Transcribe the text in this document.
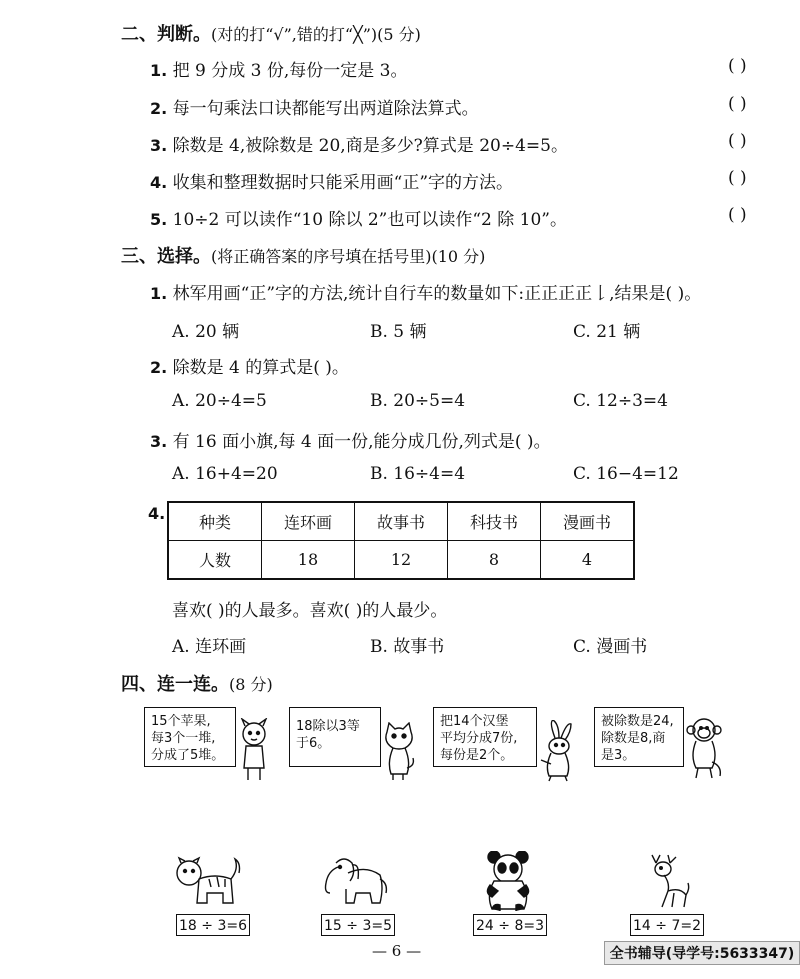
二、判断。(对的打“√”,错的打“╳”)(5 分)
1. 把 9 分成 3 份,每份一定是 3。	( )
2. 每一句乘法口诀都能写出两道除法算式。	( )
3. 除数是 4,被除数是 20,商是多少?算式是 20÷4=5。	( )
4. 收集和整理数据时只能采用画“正”字的方法。	( )
5. 10÷2 可以读作“10 除以 2”也可以读作“2 除 10”。	( )
三、选择。(将正确答案的序号填在括号里)(10 分)
1. 林军用画“正”字的方法,统计自行车的数量如下:正正正正𠄌,结果是( )。
A. 20 辆	B. 5 辆	C. 21 辆
2. 除数是 4 的算式是( )。
A. 20÷4=5	B. 20÷5=4	C. 12÷3=4
3. 有 16 面小旗,每 4 面一份,能分成几份,列式是( )。
A. 16+4=20	B. 16÷4=4	C. 16−4=12
4. 种类	连环画	故事书	科技书	漫画书
人数	18	12	8	4
喜欢( )的人最多。喜欢( )的人最少。
A. 连环画	B. 故事书	C. 漫画书
四、连一连。(8 分)
15个苹果,
每3个一堆,
分成了5堆。
18除以3等
于6。
把14个汉堡
平均分成7份,
每份是2个。
被除数是24,
除数是8,商
是3。
18 ÷ 3=6	15 ÷ 3=5	24 ÷ 8=3	14 ÷ 7=2
— 6 —	全书辅导(导学号:5633347)
